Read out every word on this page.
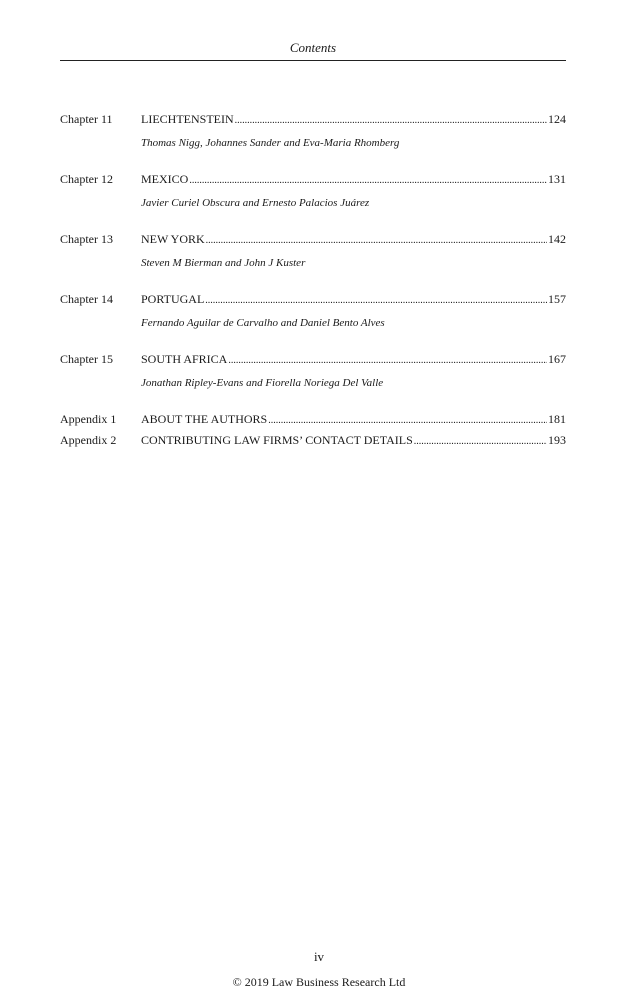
Contents
Chapter 11	LIECHTENSTEIN .....	124
Thomas Nigg, Johannes Sander and Eva-Maria Rhomberg
Chapter 12	MEXICO .....	131
Javier Curiel Obscura and Ernesto Palacios Juárez
Chapter 13	NEW YORK .....	142
Steven M Bierman and John J Kuster
Chapter 14	PORTUGAL .....	157
Fernando Aguilar de Carvalho and Daniel Bento Alves
Chapter 15	SOUTH AFRICA .....	167
Jonathan Ripley-Evans and Fiorella Noriega Del Valle
Appendix 1	ABOUT THE AUTHORS .....	181
Appendix 2	CONTRIBUTING LAW FIRMS’ CONTACT DETAILS .....	193
iv
© 2019 Law Business Research Ltd
